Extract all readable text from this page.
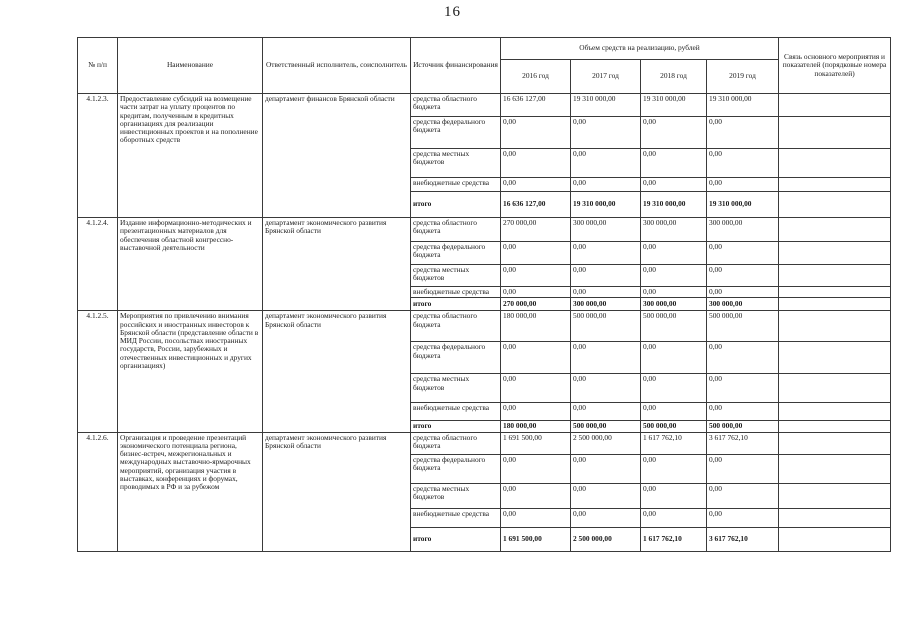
16
№ п/п	Наименование	Ответственный исполнитель, соисполнитель	Источник финансирования	Объем средств на реализацию, рублей				Связь основного мероприятия и показателей (порядковые номера показателей)
				2016 год	2017 год	2018 год	2019 год	
4.1.2.3.	Предоставление субсидий на возмещение части затрат на уплату процентов по кредитам, полученным в кредитных организациях для реализации инвестиционных проектов и на пополнение оборотных средств	департамент финансов Брянской области	средства областного бюджета	16 636 127,00	19 310 000,00	19 310 000,00	19 310 000,00	
			средства федерального бюджета	0,00	0,00	0,00	0,00	
			средства местных бюджетов	0,00	0,00	0,00	0,00	
			внебюджетные средства	0,00	0,00	0,00	0,00	
			итого	16 636 127,00	19 310 000,00	19 310 000,00	19 310 000,00	
4.1.2.4.	Издание информационно-методических и презентационных материалов для обеспечения областной конгрессно-выставочной деятельности	департамент экономического развития Брянской области	средства областного бюджета	270 000,00	300 000,00	300 000,00	300 000,00	
			средства федерального бюджета	0,00	0,00	0,00	0,00	
			средства местных бюджетов	0,00	0,00	0,00	0,00	
			внебюджетные средства	0,00	0,00	0,00	0,00	
			итого	270 000,00	300 000,00	300 000,00	300 000,00	
4.1.2.5.	Мероприятия по привлечению внимания российских и иностранных инвесторов к Брянской области (представление области в МИД России, посольствах иностранных государств, России, зарубежных и отечественных инвестиционных и других организациях)	департамент экономического развития Брянской области	средства областного бюджета	180 000,00	500 000,00	500 000,00	500 000,00	
			средства федерального бюджета	0,00	0,00	0,00	0,00	
			средства местных бюджетов	0,00	0,00	0,00	0,00	
			внебюджетные средства	0,00	0,00	0,00	0,00	
			итого	180 000,00	500 000,00	500 000,00	500 000,00	
4.1.2.6.	Организация и проведение презентаций экономического потенциала региона, бизнес-встреч, межрегиональных и международных выставочно-ярмарочных мероприятий, организация участия в выставках, конференциях и форумах, проводимых в РФ и за рубежом	департамент экономического развития Брянской области	средства областного бюджета	1 691 500,00	2 500 000,00	1 617 762,10	3 617 762,10	
			средства федерального бюджета	0,00	0,00	0,00	0,00	
			средства местных бюджетов	0,00	0,00	0,00	0,00	
			внебюджетные средства	0,00	0,00	0,00	0,00	
			итого	1 691 500,00	2 500 000,00	1 617 762,10	3 617 762,10	
